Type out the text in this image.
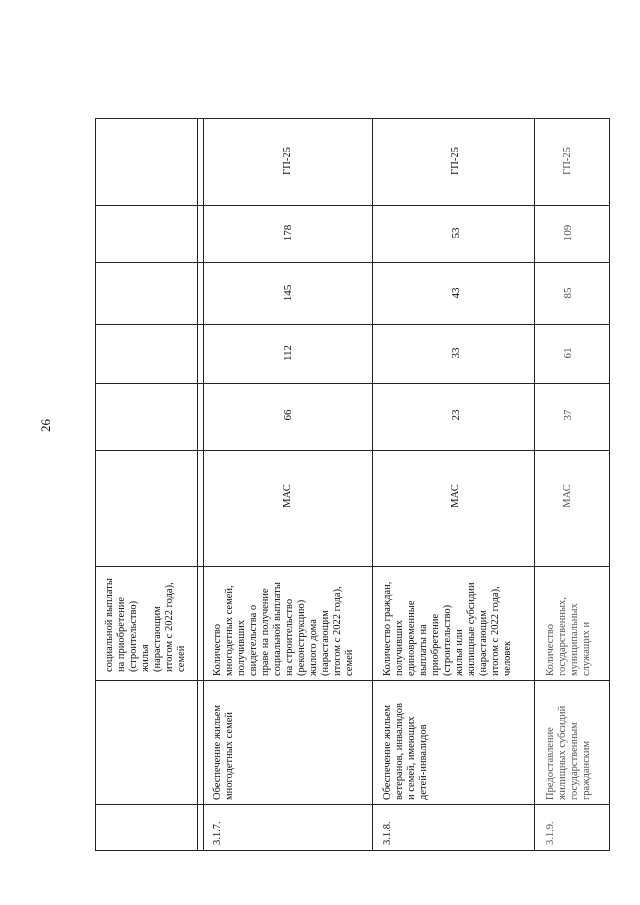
26
социальной выплаты
на приобретение
(строительство)
жилья
(нарастающим
итогом с 2022 года),
семей
3.1.7.
Обеспечение жильем
многодетных семей
Количество
многодетных семей,
получивших
свидетельства о
праве на получение
социальной выплаты
на строительство
(реконструкцию)
жилого дома
(нарастающим
итогом с 2022 года),
семей
МАС
66
112
145
178
ГП-25
3.1.8.
Обеспечение жильем
ветеранов, инвалидов
и семей, имеющих
детей-инвалидов
Количество граждан,
получивших
единовременные
выплаты на
приобретение
(строительство)
жилья или
жилищные субсидии
(нарастающим
итогом с 2022 года),
человек
МАС
23
33
43
53
ГП-25
3.1.9.
Предоставление
жилищных субсидий
государственным
гражданским
Количество
государственных,
муниципальных
служащих и
МАС
37
61
85
109
ГП-25
